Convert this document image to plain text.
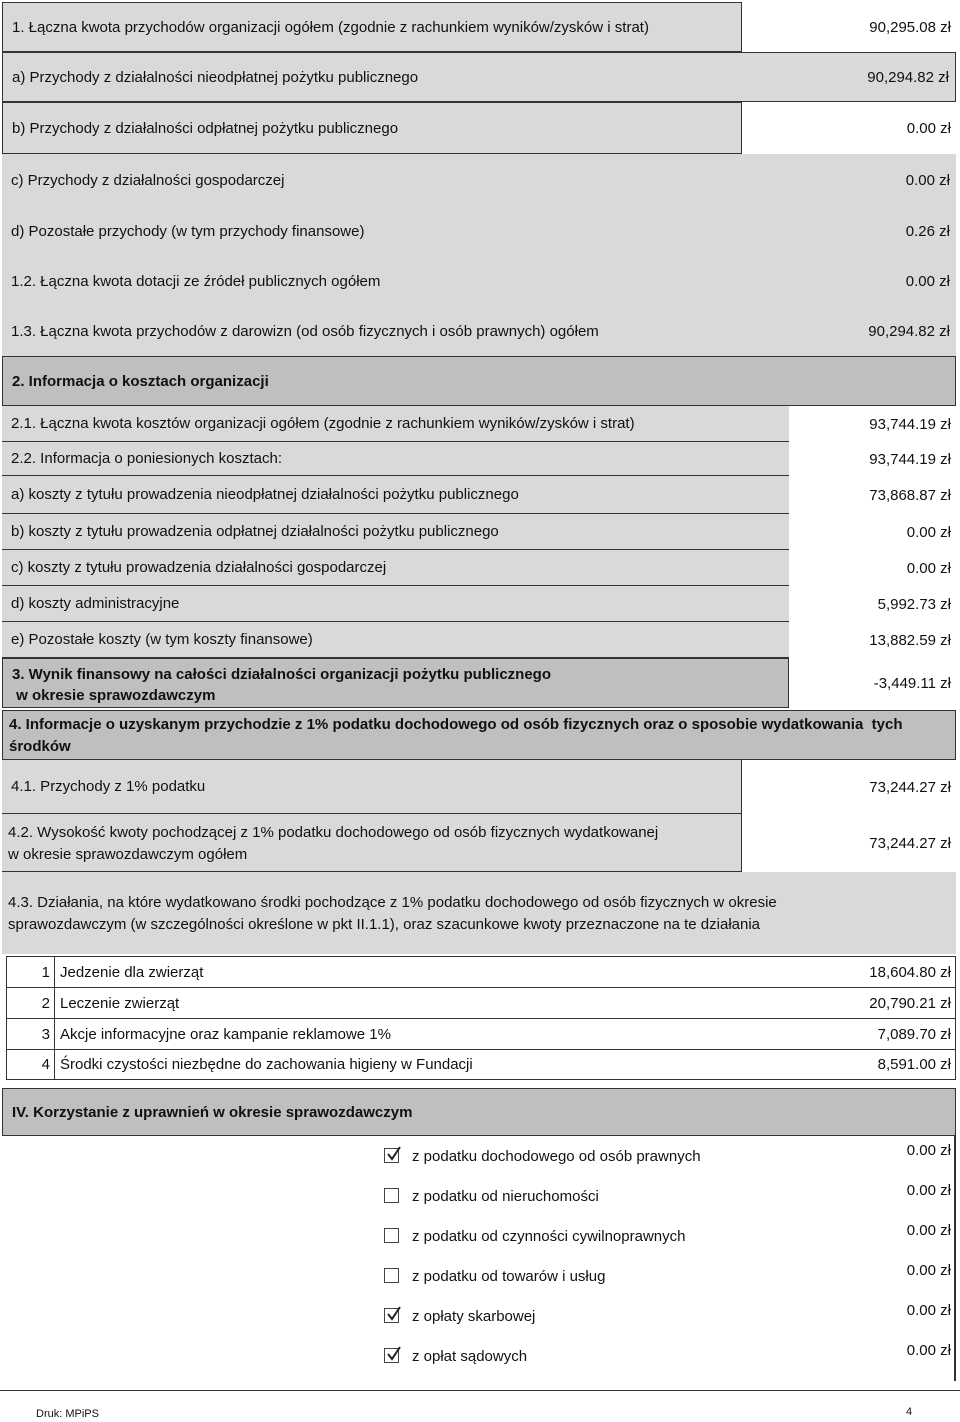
1. Łączna kwota przychodów organizacji ogółem (zgodnie z rachunkiem wyników/zysków i strat)	90,295.08 zł
a) Przychody z działalności nieodpłatnej pożytku publicznego	90,294.82 zł
b) Przychody z działalności odpłatnej pożytku publicznego	0.00 zł
c) Przychody z działalności gospodarczej	0.00 zł
d) Pozostałe przychody (w tym przychody finansowe)	0.26 zł
1.2. Łączna kwota dotacji ze źródeł publicznych ogółem	0.00 zł
1.3. Łączna kwota przychodów z darowizn (od osób fizycznych i osób prawnych) ogółem	90,294.82 zł
2. Informacja o kosztach organizacji
2.1. Łączna kwota kosztów organizacji ogółem (zgodnie z rachunkiem wyników/zysków i strat)	93,744.19 zł
2.2. Informacja o poniesionych kosztach:	93,744.19 zł
a) koszty z tytułu prowadzenia nieodpłatnej działalności pożytku publicznego	73,868.87 zł
b) koszty z tytułu prowadzenia odpłatnej działalności pożytku publicznego	0.00 zł
c) koszty z tytułu prowadzenia działalności gospodarczej	0.00 zł
d) koszty administracyjne	5,992.73 zł
e) Pozostałe koszty (w tym koszty finansowe)	13,882.59 zł
3. Wynik finansowy na całości działalności organizacji pożytku publicznego
w okresie sprawozdawczym
-3,449.11 zł
4. Informacje o uzyskanym przychodzie z 1% podatku dochodowego od osób fizycznych oraz o sposobie wydatkowania  tych
środków
4.1. Przychody z 1% podatku	73,244.27 zł
4.2. Wysokość kwoty pochodzącej z 1% podatku dochodowego od osób fizycznych wydatkowanej
w okresie sprawozdawczym ogółem
73,244.27 zł
4.3. Działania, na które wydatkowano środki pochodzące z 1% podatku dochodowego od osób fizycznych w okresie
sprawozdawczym (w szczególności określone w pkt II.1.1), oraz szacunkowe kwoty przeznaczone na te działania
1 Jedzenie dla zwierząt	18,604.80 zł
2 Leczenie zwierząt	20,790.21 zł
3 Akcje informacyjne oraz kampanie reklamowe 1%	7,089.70 zł
4 Środki czystości niezbędne do zachowania higieny w Fundacji	8,591.00 zł
IV. Korzystanie z uprawnień w okresie sprawozdawczym
z podatku dochodowego od osób prawnych	0.00 zł
z podatku od nieruchomości	0.00 zł
z podatku od czynności cywilnoprawnych	0.00 zł
z podatku od towarów i usług	0.00 zł
z opłaty skarbowej	0.00 zł
z opłat sądowych	0.00 zł
Druk: MPiPS	4
